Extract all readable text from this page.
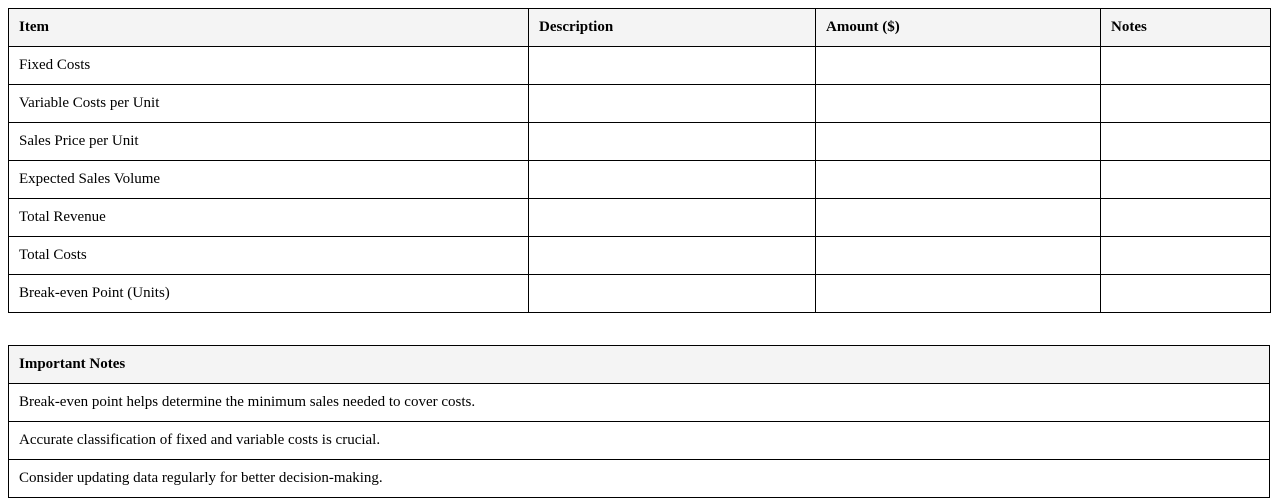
Item	Description	Amount ($)	Notes
Fixed Costs			
Variable Costs per Unit			
Sales Price per Unit			
Expected Sales Volume			
Total Revenue			
Total Costs			
Break-even Point (Units)			
Important Notes
Break-even point helps determine the minimum sales needed to cover costs.
Accurate classification of fixed and variable costs is crucial.
Consider updating data regularly for better decision-making.
